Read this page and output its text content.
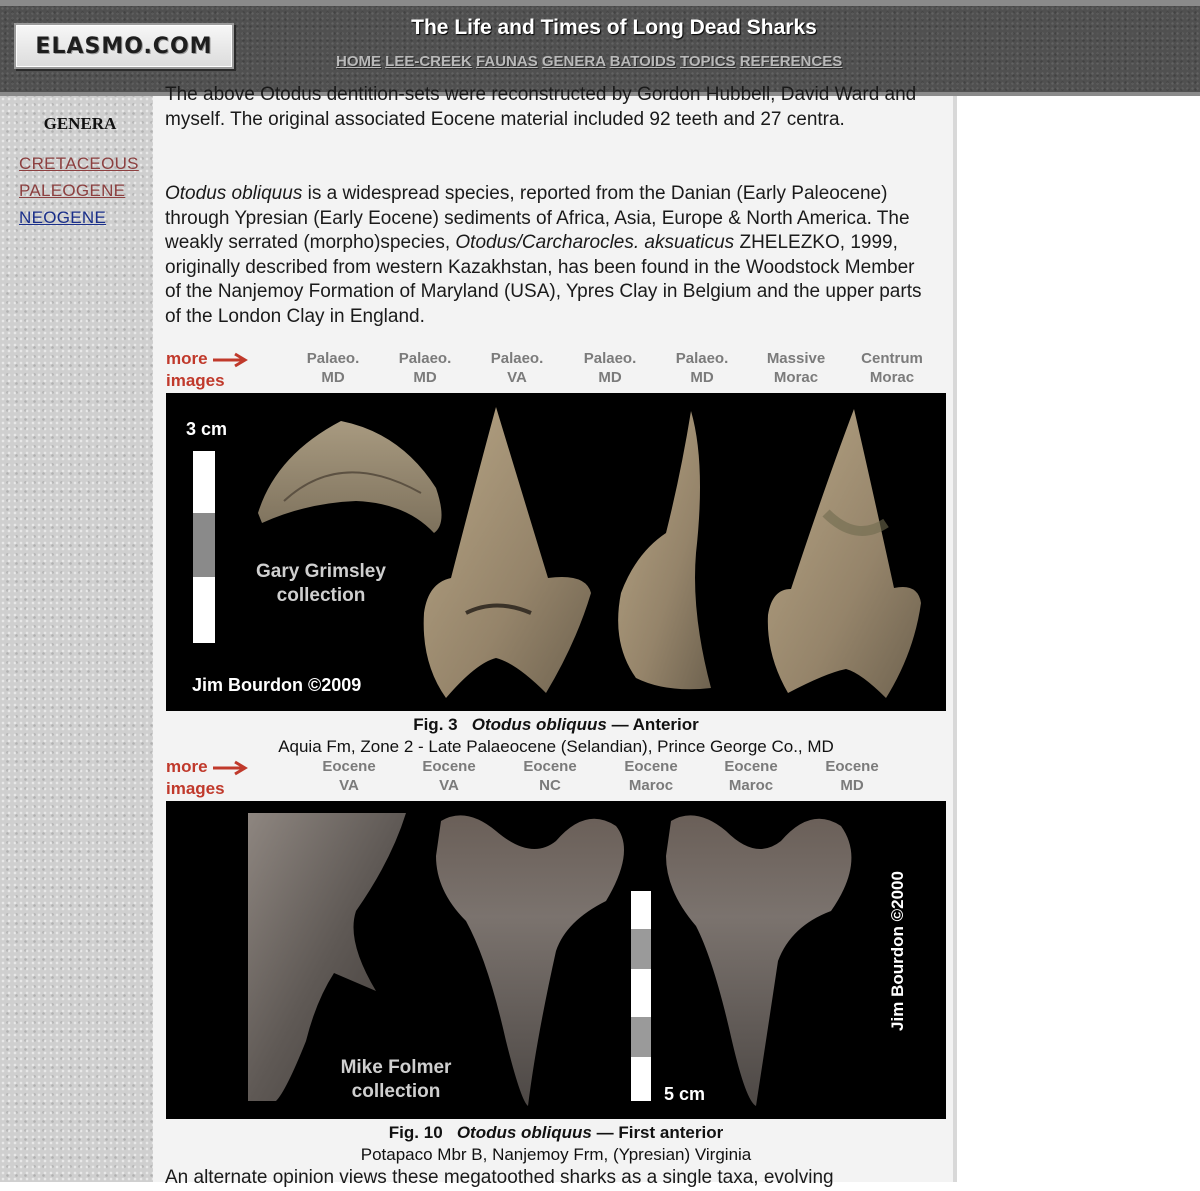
ELASMO.COM
The Life and Times of Long Dead Sharks
HOME LEE-CREEK FAUNAS GENERA BATOIDS TOPICS REFERENCES
GENERA
CRETACEOUS
PALEOGENE
NEOGENE

The above Otodus dentition-sets were reconstructed by Gordon Hubbell, David Ward and myself. The original associated Eocene material included 92 teeth and 27 centra.

Otodus obliquus is a widespread species, reported from the Danian (Early Paleocene) through Ypresian (Early Eocene) sediments of Africa, Asia, Europe & North America. The weakly serrated (morpho)species, Otodus/Carcharocles. aksuaticus ZHELEZKO, 1999, originally described from western Kazakhstan, has been found in the Woodstock Member of the Nanjemoy Formation of Maryland (USA), Ypres Clay in Belgium and the upper parts of the London Clay in England.

more
images
Palaeo.
MD
Palaeo.
MD
Palaeo.
VA
Palaeo.
MD
Palaeo.
MD
Massive
Morac
Centrum
Morac
3 cm
Gary Grimsley
collection
Jim Bourdon ©2009
Fig. 3 Otodus obliquus — Anterior
Aquia Fm, Zone 2 - Late Palaeocene (Selandian), Prince George Co., MD
more
images
Eocene
VA
Eocene
VA
Eocene
NC
Eocene
Maroc
Eocene
Maroc
Eocene
MD
Mike Folmer
collection	5 cm
Jim Bourdon ©2000
Fig. 10 Otodus obliquus — First anterior
Potapaco Mbr B, Nanjemoy Frm, (Ypresian) Virginia

An alternate opinion views these megatoothed sharks as a single taxa, evolving
